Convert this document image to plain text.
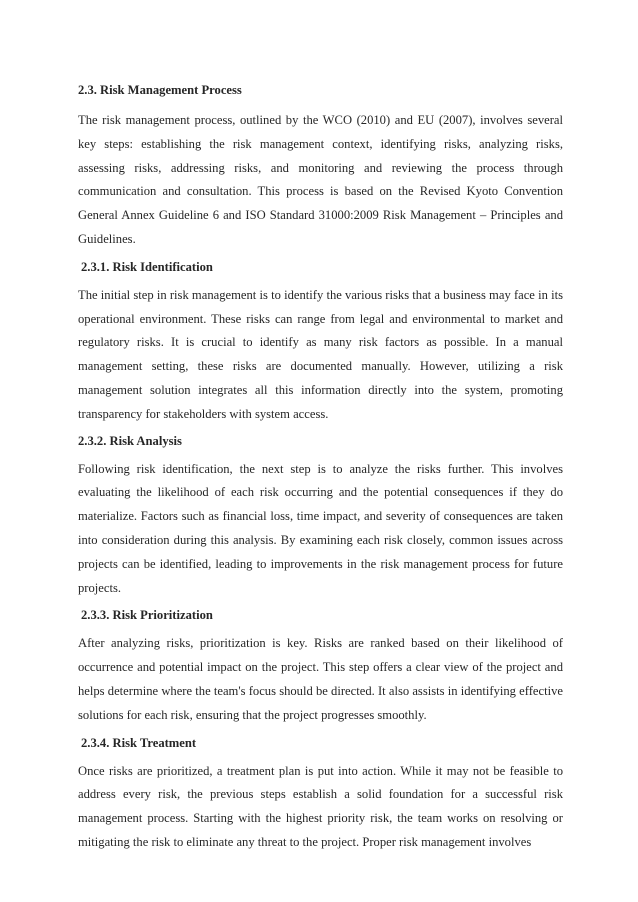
2.3. Risk Management Process

The risk management process, outlined by the WCO (2010) and EU (2007), involves several key steps: establishing the risk management context, identifying risks, analyzing risks, assessing risks, addressing risks, and monitoring and reviewing the process through communication and consultation. This process is based on the Revised Kyoto Convention General Annex Guideline 6 and ISO Standard 31000:2009 Risk Management – Principles and Guidelines.

2.3.1. Risk Identification

The initial step in risk management is to identify the various risks that a business may face in its operational environment. These risks can range from legal and environmental to market and regulatory risks. It is crucial to identify as many risk factors as possible. In a manual management setting, these risks are documented manually. However, utilizing a risk management solution integrates all this information directly into the system, promoting transparency for stakeholders with system access.

2.3.2. Risk Analysis

Following risk identification, the next step is to analyze the risks further. This involves evaluating the likelihood of each risk occurring and the potential consequences if they do materialize. Factors such as financial loss, time impact, and severity of consequences are taken into consideration during this analysis. By examining each risk closely, common issues across projects can be identified, leading to improvements in the risk management process for future projects.

2.3.3. Risk Prioritization

After analyzing risks, prioritization is key. Risks are ranked based on their likelihood of occurrence and potential impact on the project. This step offers a clear view of the project and helps determine where the team's focus should be directed. It also assists in identifying effective solutions for each risk, ensuring that the project progresses smoothly.

2.3.4. Risk Treatment

Once risks are prioritized, a treatment plan is put into action. While it may not be feasible to address every risk, the previous steps establish a solid foundation for a successful risk management process. Starting with the highest priority risk, the team works on resolving or mitigating the risk to eliminate any threat to the project. Proper risk management involves
